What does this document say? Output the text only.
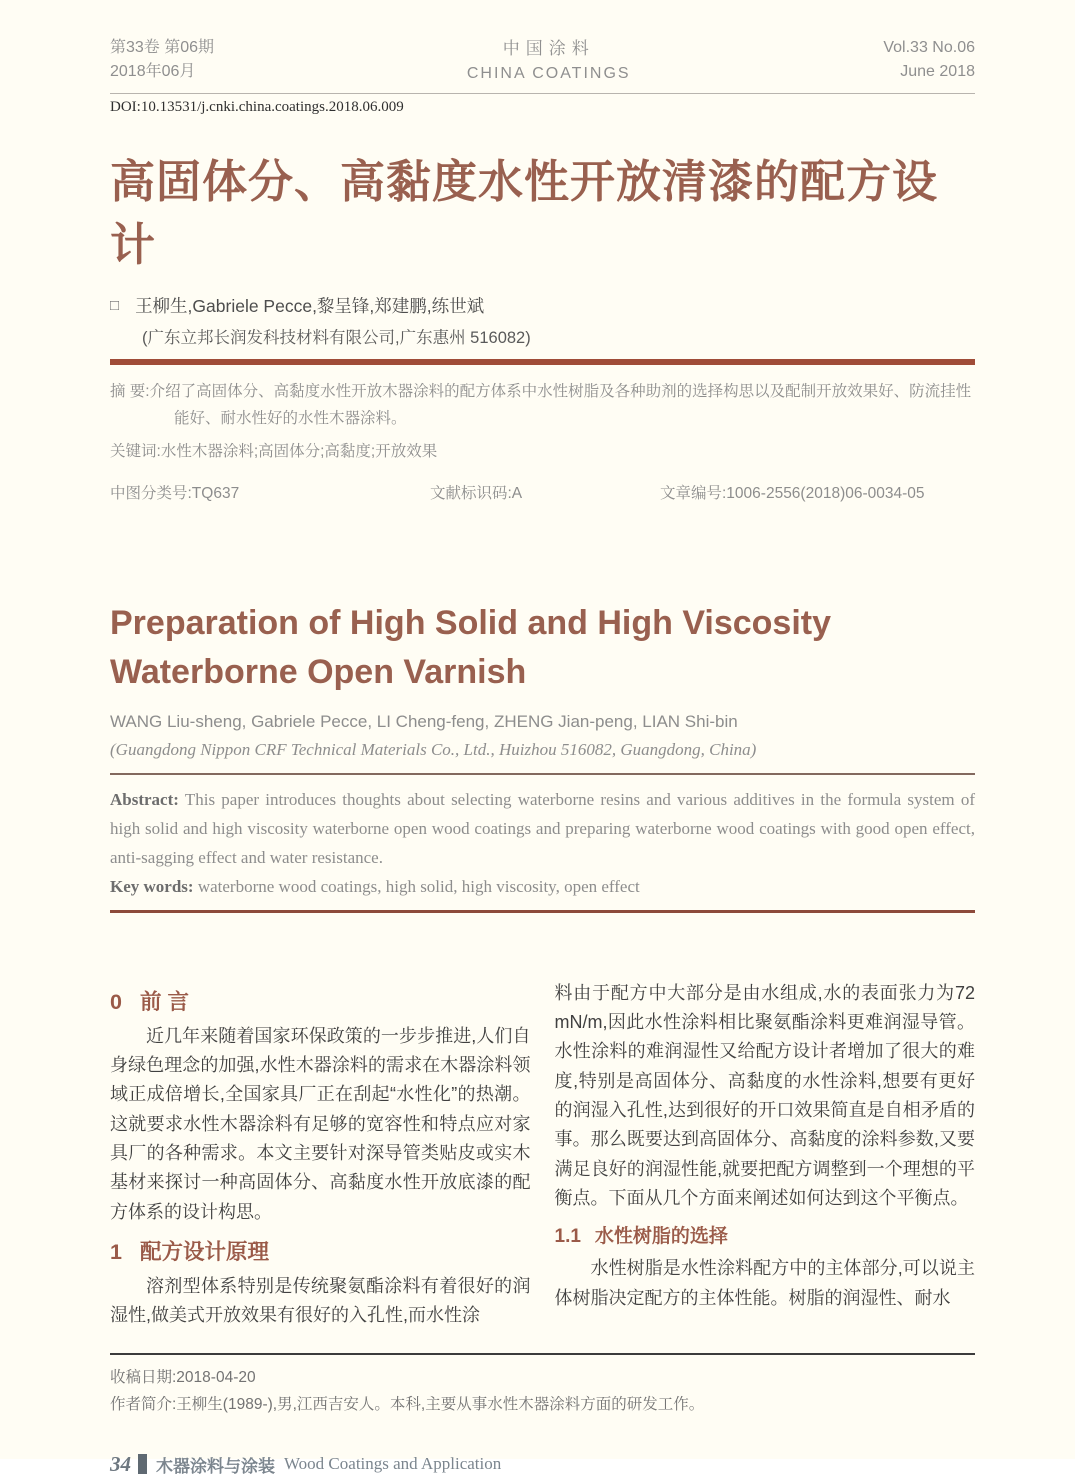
第33卷 第06期
2018年06月
中国涂料
CHINA COATINGS
Vol.33 No.06
June 2018
DOI:10.13531/j.cnki.china.coatings.2018.06.009
高固体分、高黏度水性开放清漆的配方设计
□ 王柳生,Gabriele Pecce,黎呈锋,郑建鹏,练世斌
(广东立邦长润发科技材料有限公司,广东惠州 516082)

摘 要:介绍了高固体分、高黏度水性开放木器涂料的配方体系中水性树脂及各种助剂的选择构思以及配制开放效果好、防流挂性能好、耐水性好的水性木器涂料。

关键词:水性木器涂料;高固体分;高黏度;开放效果

中图分类号:TQ637	文献标识码:A	文章编号:1006-2556(2018)06-0034-05
Preparation of High Solid and High Viscosity Waterborne Open Varnish
WANG Liu-sheng, Gabriele Pecce, LI Cheng-feng, ZHENG Jian-peng, LIAN Shi-bin
(Guangdong Nippon CRF Technical Materials Co., Ltd., Huizhou 516082, Guangdong, China)

Abstract: This paper introduces thoughts about selecting waterborne resins and various additives in the formula system of high solid and high viscosity waterborne open wood coatings and preparing waterborne wood coatings with good open effect, anti-sagging effect and water resistance.

Key words: waterborne wood coatings, high solid, high viscosity, open effect

0 前 言

近几年来随着国家环保政策的一步步推进,人们自身绿色理念的加强,水性木器涂料的需求在木器涂料领域正成倍增长,全国家具厂正在刮起“水性化”的热潮。这就要求水性木器涂料有足够的宽容性和特点应对家具厂的各种需求。本文主要针对深导管类贴皮或实木基材来探讨一种高固体分、高黏度水性开放底漆的配方体系的设计构思。

1 配方设计原理

溶剂型体系特别是传统聚氨酯涂料有着很好的润湿性,做美式开放效果有很好的入孔性,而水性涂

料由于配方中大部分是由水组成,水的表面张力为72 mN/m,因此水性涂料相比聚氨酯涂料更难润湿导管。水性涂料的难润湿性又给配方设计者增加了很大的难度,特别是高固体分、高黏度的水性涂料,想要有更好的润湿入孔性,达到很好的开口效果简直是自相矛盾的事。那么既要达到高固体分、高黏度的涂料参数,又要满足良好的润湿性能,就要把配方调整到一个理想的平衡点。下面从几个方面来阐述如何达到这个平衡点。

1.1 水性树脂的选择

水性树脂是水性涂料配方中的主体部分,可以说主体树脂决定配方的主体性能。树脂的润湿性、耐水

收稿日期:2018-04-20

作者简介:王柳生(1989-),男,江西吉安人。本科,主要从事水性木器涂料方面的研发工作。

34 木器涂料与涂装 Wood Coatings and Application
